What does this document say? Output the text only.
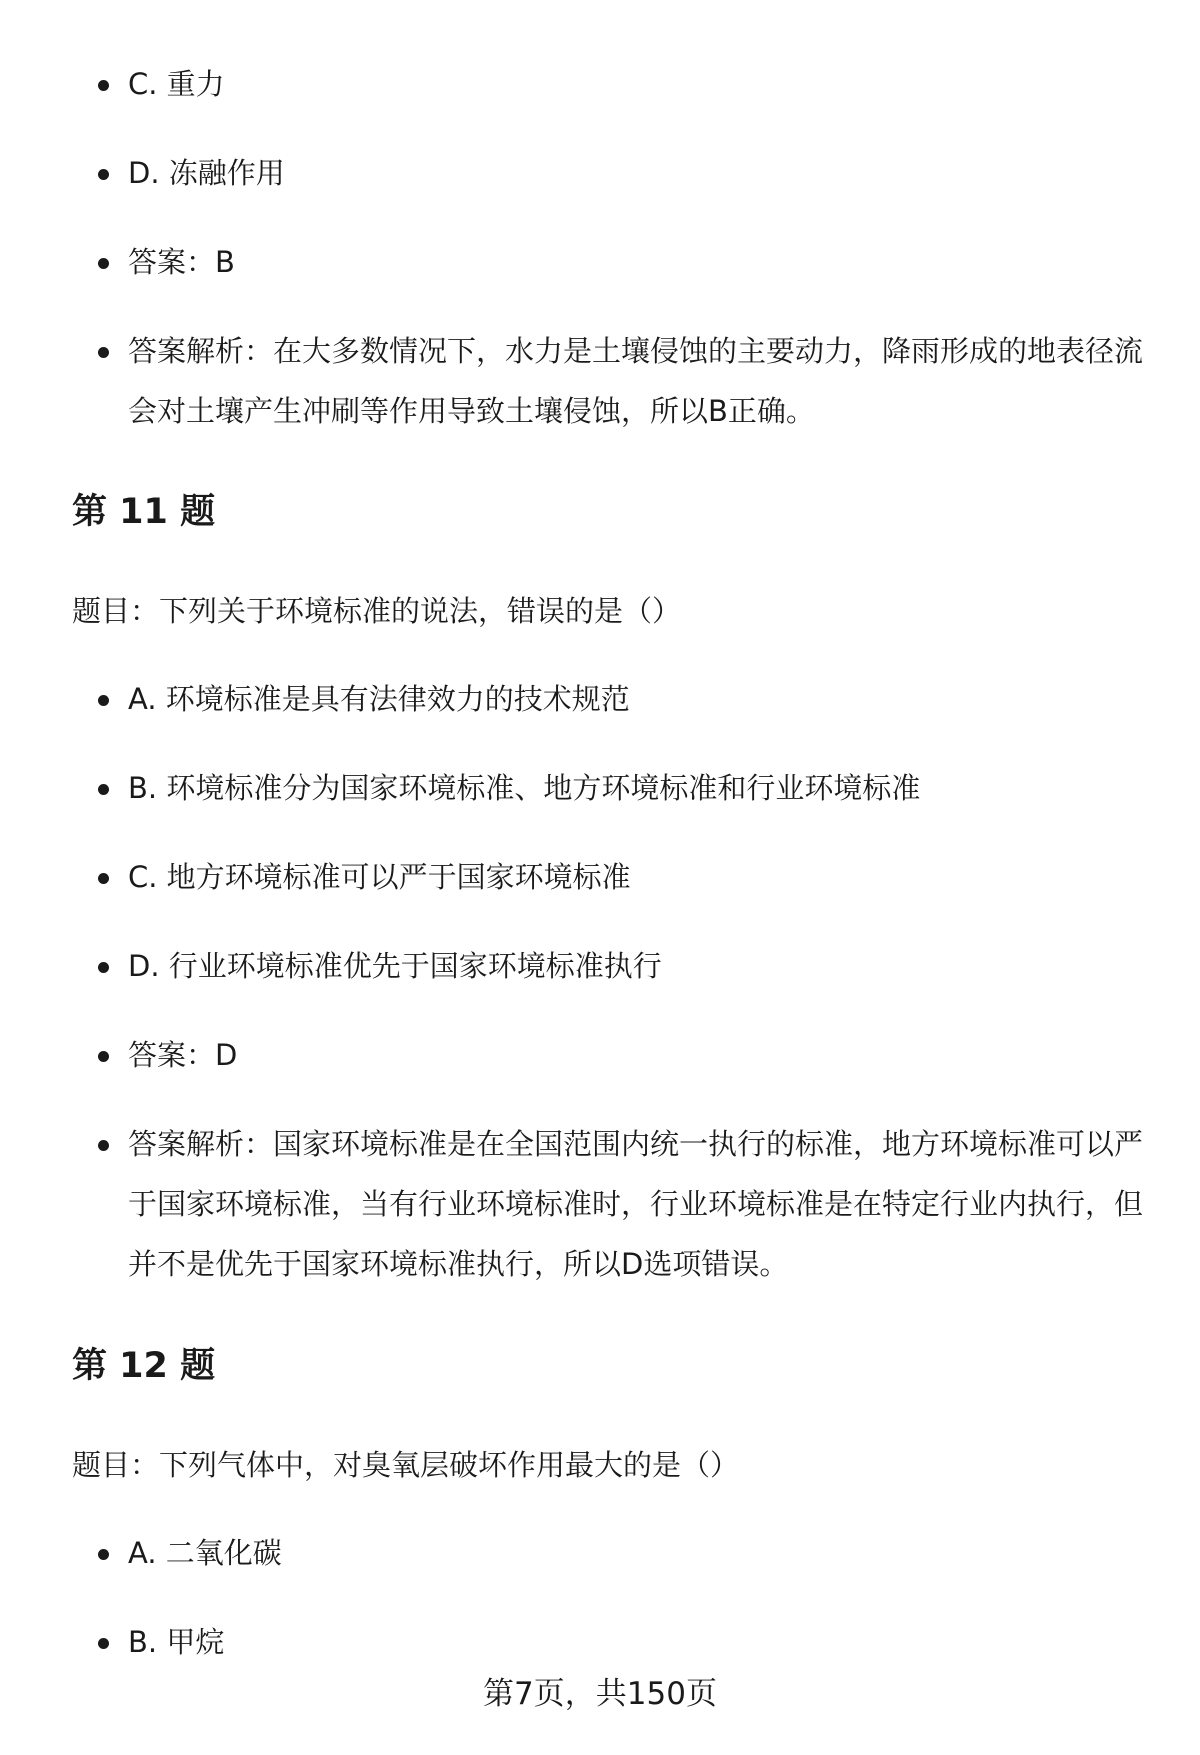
C. 重力
D. 冻融作用
答案：B
答案解析：在大多数情况下，水力是土壤侵蚀的主要动力，降雨形成的地表径流会对土壤产生冲刷等作用导致土壤侵蚀，所以B正确。
第 11 题
题目：下列关于环境标准的说法，错误的是（）
A. 环境标准是具有法律效力的技术规范
B. 环境标准分为国家环境标准、地方环境标准和行业环境标准
C. 地方环境标准可以严于国家环境标准
D. 行业环境标准优先于国家环境标准执行
答案：D
答案解析：国家环境标准是在全国范围内统一执行的标准，地方环境标准可以严于国家环境标准，当有行业环境标准时，行业环境标准是在特定行业内执行，但并不是优先于国家环境标准执行，所以D选项错误。
第 12 题
题目：下列气体中，对臭氧层破坏作用最大的是（）
A. 二氧化碳
B. 甲烷
第7页，共150页
